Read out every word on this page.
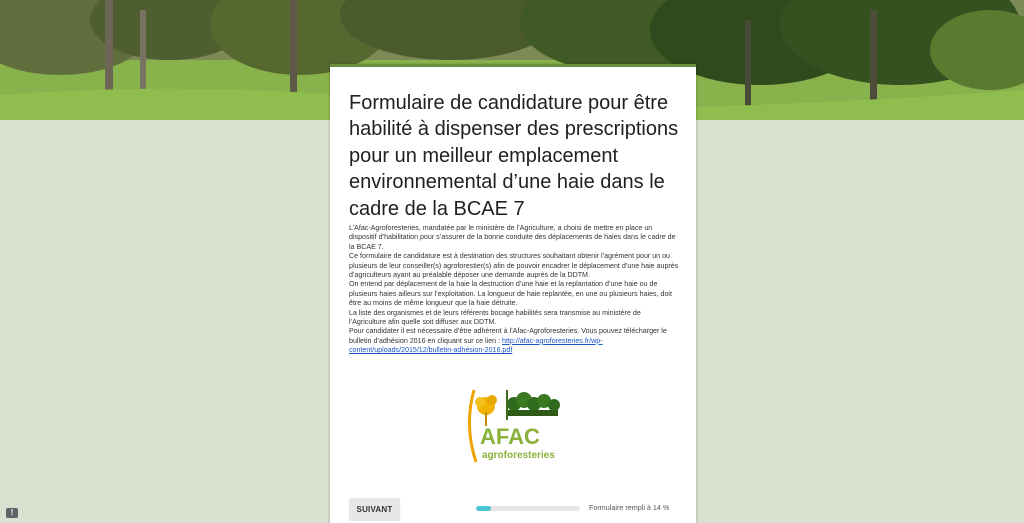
Formulaire de candidature pour être habilité à dispenser des prescriptions pour un meilleur emplacement environnemental d’une haie dans le cadre de la BCAE 7

L’Afac-Agroforesteries, mandatée par le ministère de l’Agriculture, a choisi de mettre en place un dispositif d’habilitation pour s’assurer de la bonne conduite des déplacements de haies dans le cadre de la BCAE 7.

Ce formulaire de candidature est à destination des structures souhaitant obtenir l’agrément pour un ou plusieurs de leur conseiller(s) agroforestier(s) afin de pouvoir encadrer le déplacement d’une haie auprès d’agriculteurs ayant au préalable déposer une demande auprès de la DDTM.

On entend par déplacement de la haie la destruction d’une haie et la replantation d’une haie ou de plusieurs haies ailleurs sur l’exploitation. La longueur de haie replantée, en une ou plusieurs haies, doit être au moins de même longueur que la haie détruite.

La liste des organismes et de leurs référents bocage habilités sera transmise au ministère de l’Agriculture afin quelle soit diffuser aux DDTM.

Pour candidater il est nécessaire d’être adhérent à l’Afac-Agroforesteries. Vous pouvez télécharger le bulletin d’adhésion 2016 en cliquant sur ce lien : http://afac-agroforesteries.fr/wp-content/uploads/2015/12/bulletin-adhésion-2016.pdf

AFAC
agroforesteries
SUIVANT	Formulaire rempli à 14 %
!
